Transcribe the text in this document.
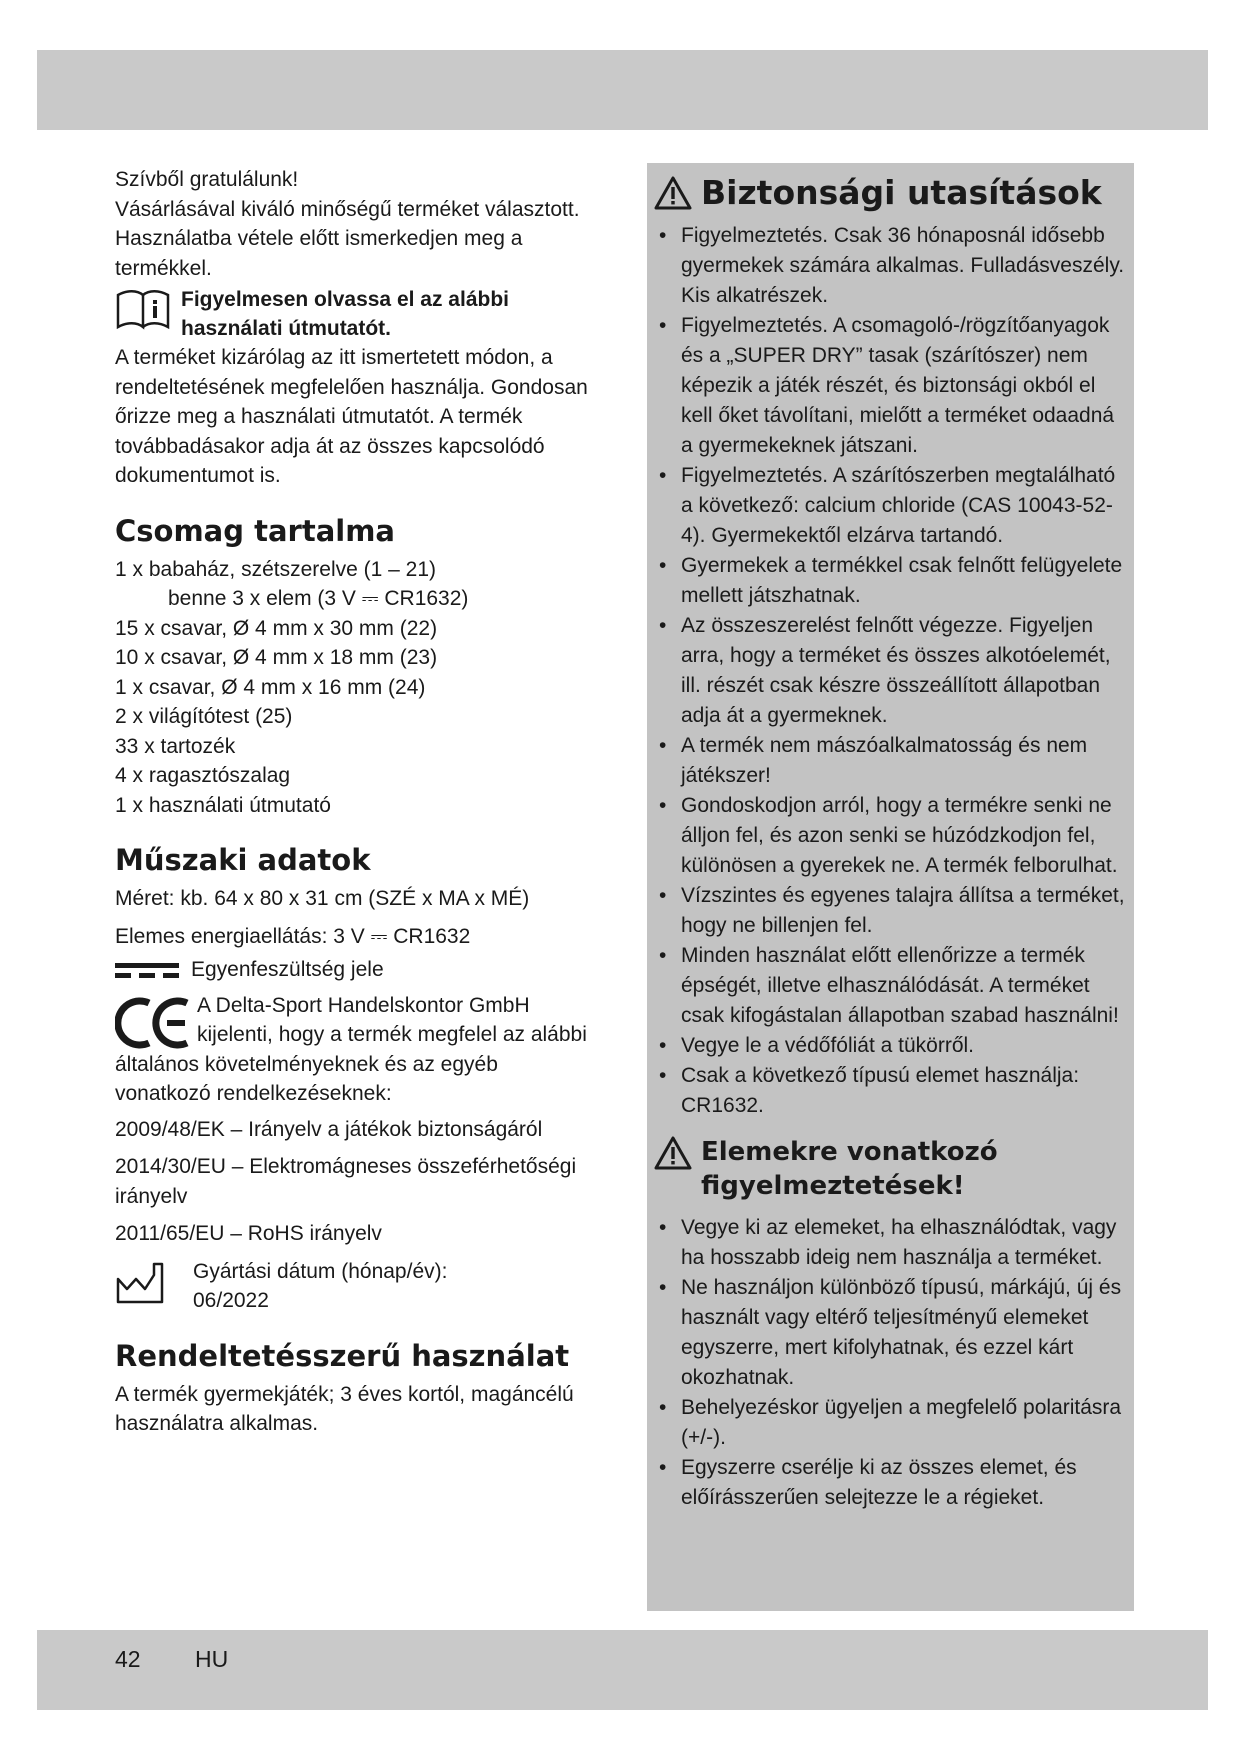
Szívből gratulálunk!

Vásárlásával kiváló minőségű terméket választott. Használatba vétele előtt ismerkedjen meg a termékkel.

Figyelmesen olvassa el az alábbi használati útmutatót.

A terméket kizárólag az itt ismertetett módon, a rendeltetésének megfelelően használja. Gondosan őrizze meg a használati útmutatót. A termék továbbadásakor adja át az összes kapcsolódó dokumentumot is.

Csomag tartalma
1 x babaház, szétszerelve (1 – 21)
benne 3 x elem (3 V ⎓ CR1632)
15 x csavar, Ø 4 mm x 30 mm (22)
10 x csavar, Ø 4 mm x 18 mm (23)
1 x csavar, Ø 4 mm x 16 mm (24)
2 x világítótest (25)
33 x tartozék
4 x ragasztószalag
1 x használati útmutató
Műszaki adatok

Méret: kb. 64 x 80 x 31 cm (SZÉ x MA x MÉ)

Elemes energiaellátás: 3 V ⎓ CR1632

Egyenfeszültség jele
A Delta-Sport Handelskontor GmbH kijelenti, hogy a termék megfelel az alábbi általános követelményeknek és az egyéb vonatkozó rendelkezéseknek:

2009/48/EK – Irányelv a játékok biztonságáról

2014/30/EU – Elektromágneses összeférhetőségi irányelv

2011/65/EU – RoHS irányelv

Gyártási dátum (hónap/év):
06/2022
Rendeltetésszerű használat

A termék gyermekjáték; 3 éves kortól, magáncélú használatra alkalmas.

Biztonsági utasítások
• Figyelmeztetés. Csak 36 hónaposnál idősebb gyermekek számára alkalmas. Fulladásveszély. Kis alkatrészek.
• Figyelmeztetés. A csomagoló-/rögzítőanyagok és a „SUPER DRY” tasak (szárítószer) nem képezik a játék részét, és biztonsági okból el kell őket távolítani, mielőtt a terméket odaadná a gyermekeknek játszani.
• Figyelmeztetés. A szárítószerben megtalálható a következő: calcium chloride (CAS 10043-52-4). Gyermekektől elzárva tartandó.
• Gyermekek a termékkel csak felnőtt felügyelete mellett játszhatnak.
• Az összeszerelést felnőtt végezze. Figyeljen arra, hogy a terméket és összes alkotóelemét, ill. részét csak készre összeállított állapotban adja át a gyermeknek.
• A termék nem mászóalkalmatosság és nem játékszer!
• Gondoskodjon arról, hogy a termékre senki ne álljon fel, és azon senki se húzódzkodjon fel, különösen a gyerekek ne. A termék felborulhat.
• Vízszintes és egyenes talajra állítsa a terméket, hogy ne billenjen fel.
• Minden használat előtt ellenőrizze a termék épségét, illetve elhasználódását. A terméket csak kifogástalan állapotban szabad használni!
• Vegye le a védőfóliát a tükörről.
• Csak a következő típusú elemet használja: CR1632.
Elemekre vonatkozó figyelmeztetések!
• Vegye ki az elemeket, ha elhasználódtak, vagy ha hosszabb ideig nem használja a terméket.
• Ne használjon különböző típusú, márkájú, új és használt vagy eltérő teljesítményű elemeket egyszerre, mert kifolyhatnak, és ezzel kárt okozhatnak.
• Behelyezéskor ügyeljen a megfelelő polaritásra (+/-).
• Egyszerre cserélje ki az összes elemet, és előírásszerűen selejtezze le a régieket.
42 HU
